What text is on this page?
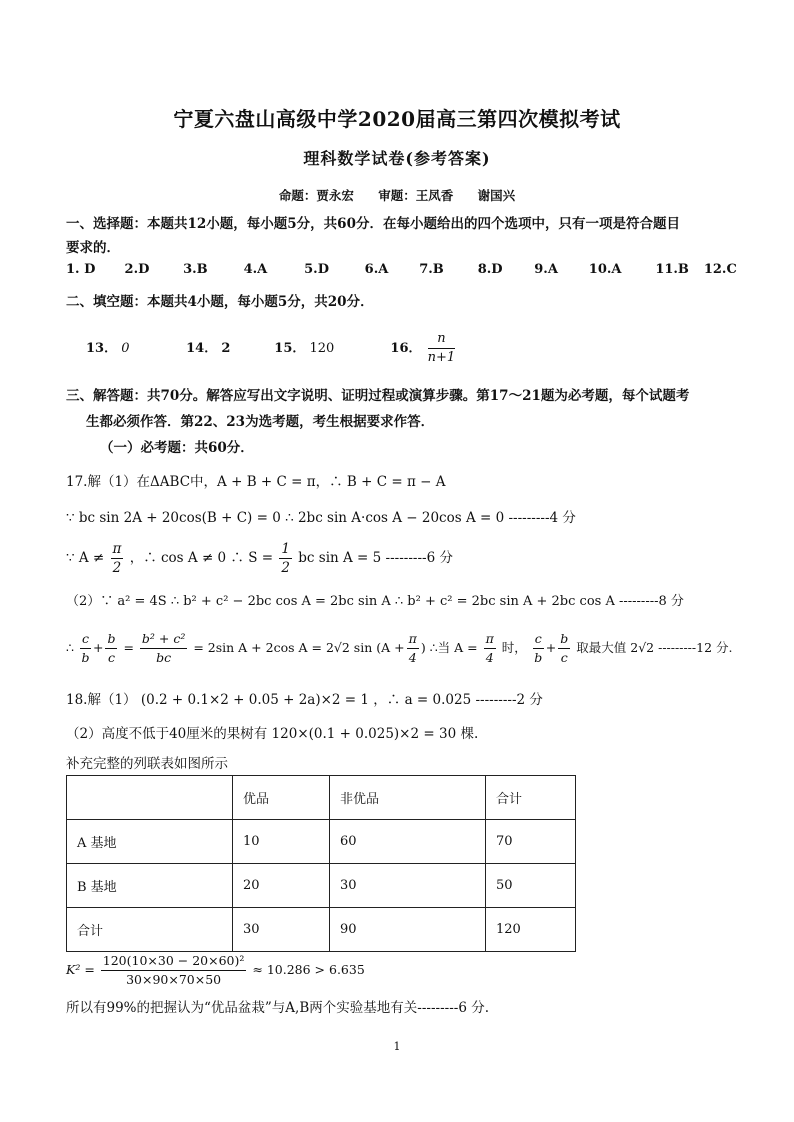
宁夏六盘山高级中学2020届高三第四次模拟考试
理科数学试卷(参考答案)
命题：贾永宏 审题：王凤香 谢国兴
一、选择题：本题共12小题，每小题5分，共60分．在每小题给出的四个选项中，只有一项是符合题目
要求的．
1. D 2.D	3.B	4.A	5.D	6.A 7.B	8.D 9.A 10.A	11.B 12.C
二、填空题：本题共4小题，每小题5分，共20分．
13． 0	14． 2	15． 120	16． $\frac{n}{n+1}$
三、解答题：共70分。解答应写出文字说明、证明过程或演算步骤。第17～21题为必考题，每个试题考
生都必须作答．第22、23为选考题，考生根据要求作答．
（一）必考题：共60分．
17.解（1）在ΔABC中，A + B + C = π，∴ B + C = π − A
∵ bc sin 2A + 20cos(B + C) = 0 ∴ 2bc sin A·cos A − 20cos A = 0 ---------4 分
∵ $A \ne \frac{\pi}{2}$ ，∴ cos A ≠ 0 ∴ $S = \frac{1}{2}$ bc sin A = 5 ---------6 分
（2）∵ a² = 4S ∴ b² + c² − 2bc cos A = 2bc sin A ∴ b² + c² = 2bc sin A + 2bc cos A ---------8 分
∴ $\frac{c}{b} + \frac{b}{c} = \frac{\text{b² + c²}}{bc} = 2\sin$ A + 2cos A = 2√2 $\sin (A + \frac{\pi}{4}$ ) ∴当 $A = \frac{\pi}{4}$ 时， $\frac{c}{b} + \frac{b}{c}$ 取最大值 2√2 ---------12 分.
18.解（1） (0.2 + 0.1×2 + 0.05 + 2a)×2 = 1 ，∴ a = 0.025 ---------2 分
（2）高度不低于40厘米的果树有 120×(0.1 + 0.025)×2 = 30 棵.
补充完整的列联表如图所示
	优品	非优品	合计
A 基地	10	60	70
B 基地	20	30	50
合计	30	90	120
$K^2 = \frac{\text{120(10×30 − 20×60)²}}{30\times 90\times 70\times 50} \approx 10.286 > 6.635$
所以有99%的把握认为“优品盆栽”与A,B两个实验基地有关---------6 分.
1
